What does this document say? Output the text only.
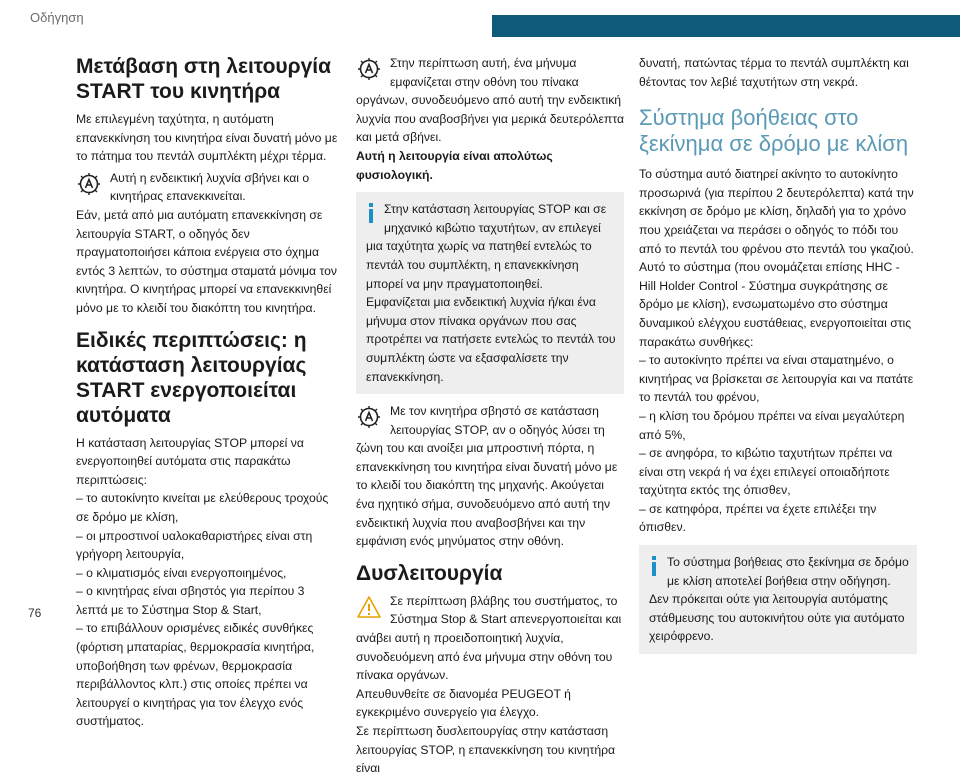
Οδήγηση
Μετάβαση στη λειτουργία START του κινητήρα

Με επιλεγμένη ταχύτητα, η αυτόματη επανεκκίνηση του κινητήρα είναι δυνατή μόνο με το πάτημα του πεντάλ συμπλέκτη μέχρι τέρμα.

Αυτή η ενδεικτική λυχνία σβήνει και ο κινητήρας επανεκκινείται.

Εάν, μετά από μια αυτόματη επανεκκίνηση σε λειτουργία START, ο οδηγός δεν πραγματοποιήσει κάποια ενέργεια στο όχημα εντός 3 λεπτών, το σύστημα σταματά μόνιμα τον κινητήρα. Ο κινητήρας μπορεί να επανεκκινηθεί μόνο με το κλειδί του διακόπτη του κινητήρα.

Ειδικές περιπτώσεις: η κατάσταση λειτουργίας START ενεργοποιείται αυτόματα

Η κατάσταση λειτουργίας STOP μπορεί να ενεργοποιηθεί αυτόματα στις παρακάτω περιπτώσεις:

– το αυτοκίνητο κινείται με ελεύθερους τροχούς σε δρόμο με κλίση,

– οι μπροστινοί υαλοκαθαριστήρες είναι στη γρήγορη λειτουργία,

– ο κλιματισμός είναι ενεργοποιημένος,

– ο κινητήρας είναι σβηστός για περίπου 3 λεπτά με το Σύστημα Stop & Start,

– το επιβάλλουν ορισμένες ειδικές συνθήκες (φόρτιση μπαταρίας, θερμοκρασία κινητήρα, υποβοήθηση των φρένων, θερμοκρασία περιβάλλοντος κλπ.) στις οποίες πρέπει να λειτουργεί ο κινητήρας για τον έλεγχο ενός συστήματος.

Στην περίπτωση αυτή, ένα μήνυμα εμφανίζεται στην οθόνη του πίνακα οργάνων, συνοδευόμενο από αυτή την ενδεικτική λυχνία που αναβοσβήνει για μερικά δευτερόλεπτα και μετά σβήνει.

Αυτή η λειτουργία είναι απολύτως φυσιολογική.

Στην κατάσταση λειτουργίας STOP και σε μηχανικό κιβώτιο ταχυτήτων, αν επιλεγεί μια ταχύτητα χωρίς να πατηθεί εντελώς το πεντάλ του συμπλέκτη, η επανεκκίνηση μπορεί να μην πραγματοποιηθεί.

Εμφανίζεται μια ενδεικτική λυχνία ή/και ένα μήνυμα στον πίνακα οργάνων που σας προτρέπει να πατήσετε εντελώς το πεντάλ του συμπλέκτη ώστε να εξασφαλίσετε την επανεκκίνηση.

Με τον κινητήρα σβηστό σε κατάσταση λειτουργίας STOP, αν ο οδηγός λύσει τη ζώνη του και ανοίξει μια μπροστινή πόρτα, η επανεκκίνηση του κινητήρα είναι δυνατή μόνο με το κλειδί του διακόπτη της μηχανής. Ακούγεται ένα ηχητικό σήμα, συνοδευόμενο από αυτή την ενδεικτική λυχνία που αναβοσβήνει και την εμφάνιση ενός μηνύματος στην οθόνη.

Δυσλειτουργία

Σε περίπτωση βλάβης του συστήματος, το Σύστημα Stop & Start απενεργοποιείται και ανάβει αυτή η προειδοποιητική λυχνία, συνοδευόμενη από ένα μήνυμα στην οθόνη του πίνακα οργάνων.

Απευθυνθείτε σε διανομέα PEUGEOT ή εγκεκριμένο συνεργείο για έλεγχο.

Σε περίπτωση δυσλειτουργίας στην κατάσταση λειτουργίας STOP, η επανεκκίνηση του κινητήρα είναι

δυνατή, πατώντας τέρμα το πεντάλ συμπλέκτη και θέτοντας τον λεβιέ ταχυτήτων στη νεκρά.

Σύστημα βοήθειας στο ξεκίνημα σε δρόμο με κλίση

Το σύστημα αυτό διατηρεί ακίνητο το αυτοκίνητο προσωρινά (για περίπου 2 δευτερόλεπτα) κατά την εκκίνηση σε δρόμο με κλίση, δηλαδή για το χρόνο που χρειάζεται να περάσει ο οδηγός το πόδι του από το πεντάλ του φρένου στο πεντάλ του γκαζιού.

Αυτό το σύστημα (που ονομάζεται επίσης HHC - Hill Holder Control - Σύστημα συγκράτησης σε δρόμο με κλίση), ενσωματωμένο στο σύστημα δυναμικού ελέγχου ευστάθειας, ενεργοποιείται στις παρακάτω συνθήκες:

– το αυτοκίνητο πρέπει να είναι σταματημένο, ο κινητήρας να βρίσκεται σε λειτουργία και να πατάτε το πεντάλ του φρένου,

– η κλίση του δρόμου πρέπει να είναι μεγαλύτερη από 5%,

– σε ανηφόρα, το κιβώτιο ταχυτήτων πρέπει να είναι στη νεκρά ή να έχει επιλεγεί οποιαδήποτε ταχύτητα εκτός της όπισθεν,

– σε κατηφόρα, πρέπει να έχετε επιλέξει την όπισθεν.

Το σύστημα βοήθειας στο ξεκίνημα σε δρόμο με κλίση αποτελεί βοήθεια στην οδήγηση. Δεν πρόκειται ούτε για λειτουργία αυτόματης στάθμευσης του αυτοκινήτου ούτε για αυτόματο χειρόφρενο.

76
